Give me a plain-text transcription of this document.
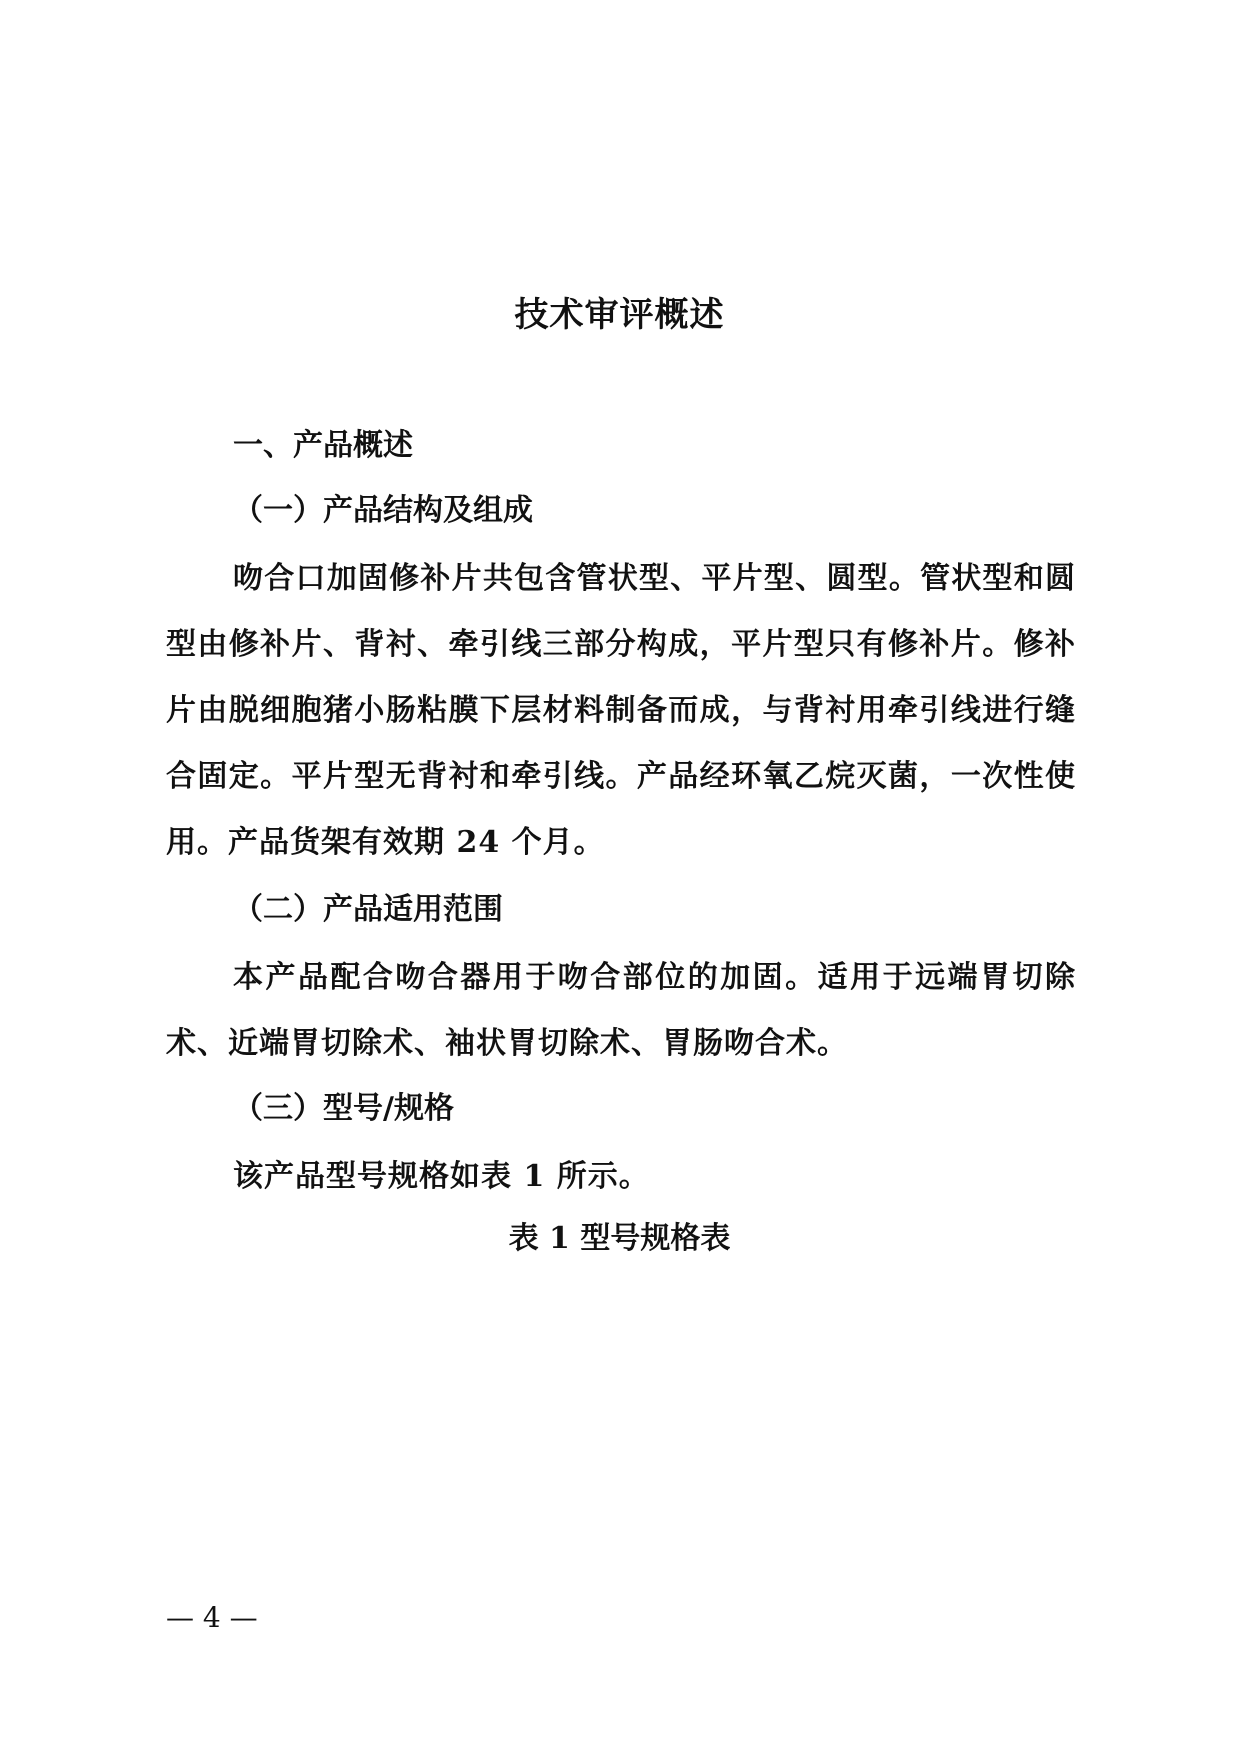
技术审评概述
一、产品概述
（一）产品结构及组成

吻合口加固修补片共包含管状型、平片型、圆型。管状型和圆型由修补片、背衬、牵引线三部分构成，平片型只有修补片。修补片由脱细胞猪小肠粘膜下层材料制备而成，与背衬用牵引线进行缝合固定。平片型无背衬和牵引线。产品经环氧乙烷灭菌，一次性使用。产品货架有效期 24 个月。

（二）产品适用范围

本产品配合吻合器用于吻合部位的加固。适用于远端胃切除术、近端胃切除术、袖状胃切除术、胃肠吻合术。

（三）型号/规格

该产品型号规格如表 1 所示。

表 1 型号规格表
— 4 —
